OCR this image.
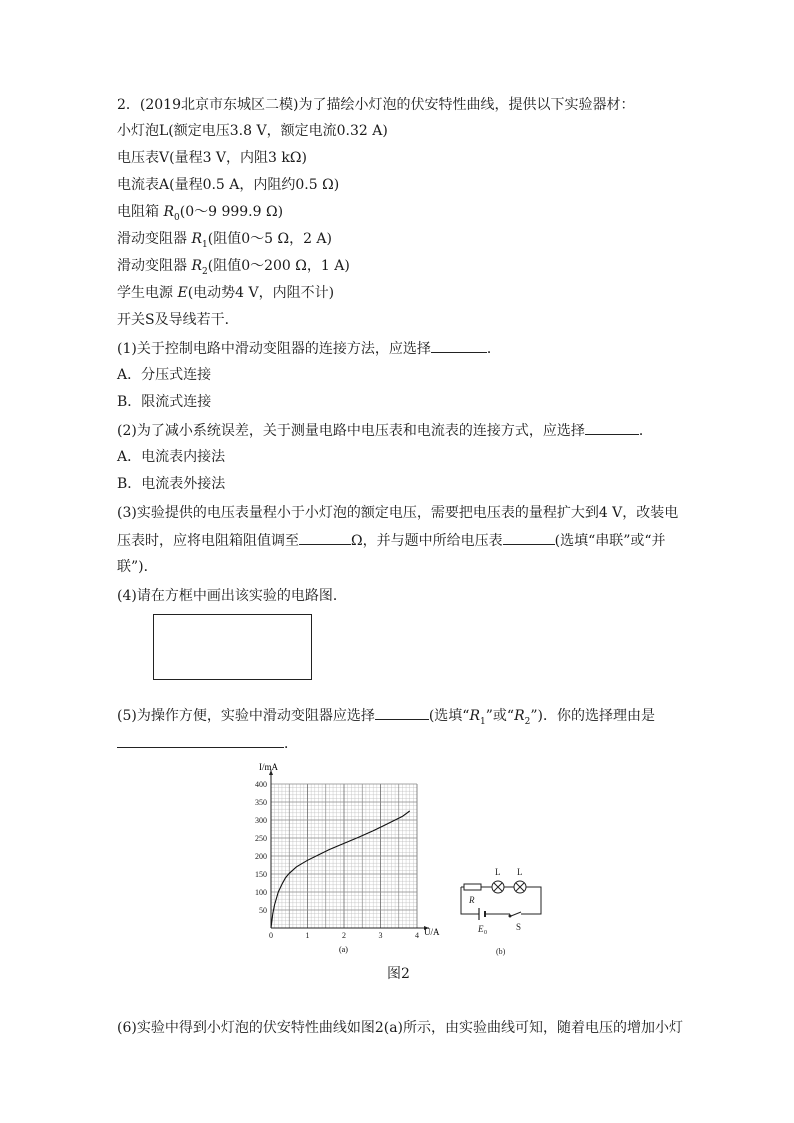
2．(2019北京市东城区二模)为了描绘小灯泡的伏安特性曲线，提供以下实验器材：
小灯泡L(额定电压3.8 V，额定电流0.32 A)
电压表V(量程3 V，内阻3 kΩ)
电流表A(量程0.5 A，内阻约0.5 Ω)
电阻箱 $R_0(0\sim 9$ 999.9 Ω)
滑动变阻器 $R_1$(阻值0～5 Ω，2 A)
滑动变阻器 $R_2$(阻值0～200 Ω，1 A)
学生电源 E(电动势4 V，内阻不计)
开关S及导线若干．
(1)关于控制电路中滑动变阻器的连接方法，应选择	．
A．分压式连接
B．限流式连接
(2)为了减小系统误差，关于测量电路中电压表和电流表的连接方式，应选择	．
A．电流表内接法
B．电流表外接法
(3)实验提供的电压表量程小于小灯泡的额定电压，需要把电压表的量程扩大到4 V，改装电
压表时，应将电阻箱阻值调至	Ω，并与题中所给电压表	(选填“串联”或“并
联”)．
(4)请在方框中画出该实验的电路图．
(5)为操作方便，实验中滑动变阻器应选择	(选填“$R_1$”或“$R_2$”)．你的选择理由是
．
0	1	2	3	4
50
100
150
200
250
300
350
400
I/mA
U/A
(a)
R
L L
E 0
S
(b)
图2
(6)实验中得到小灯泡的伏安特性曲线如图2(a)所示，由实验曲线可知，随着电压的增加小灯
